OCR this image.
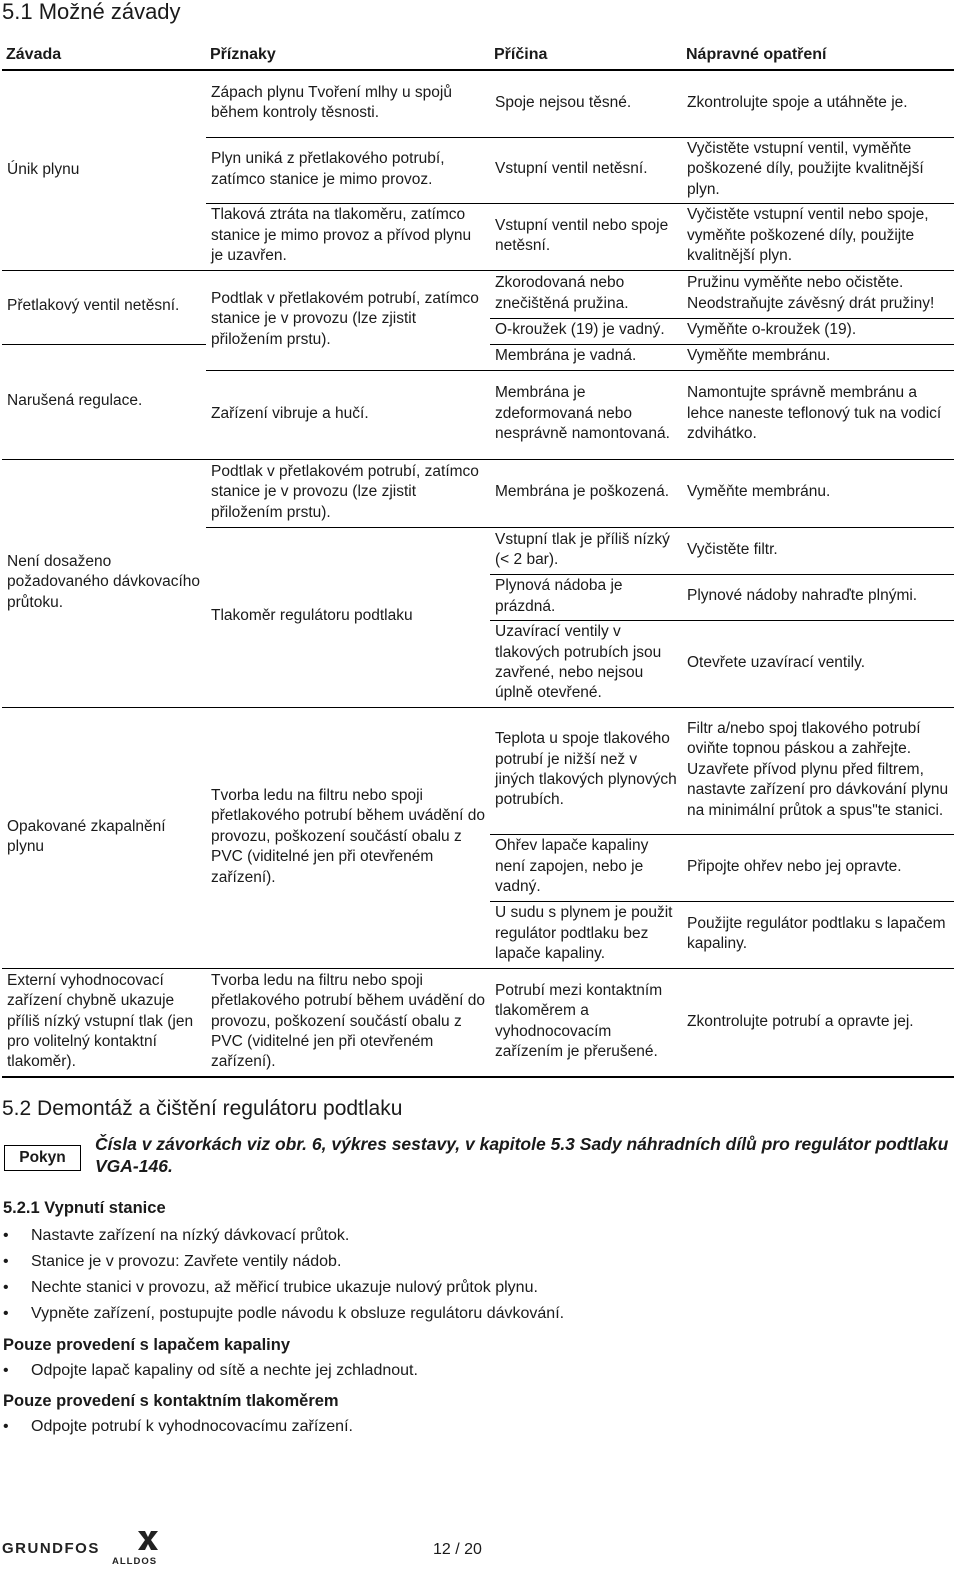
5.1 Možné závady
Závada	Příznaky	Příčina	Nápravné opatření
Únik plynu	Zápach plynu Tvoření mlhy u spojů během kontroly těsnosti.	Spoje nejsou těsné.	Zkontrolujte spoje a utáhněte je.
	Plyn uniká z přetlakového potrubí, zatímco stanice je mimo provoz.	Vstupní ventil netěsní.	Vyčistěte vstupní ventil, vyměňte poškozené díly, použijte kvalitnější plyn.
	Tlaková ztráta na tlakoměru, zatímco stanice je mimo provoz a přívod plynu je uzavřen.	Vstupní ventil nebo spoje netěsní.	Vyčistěte vstupní ventil nebo spoje, vyměňte poškozené díly, použijte kvalitnější plyn.
Přetlakový ventil netěsní.	Podtlak v přetlakovém potrubí, zatímco stanice je v provozu (lze zjistit přiložením prstu).	Zkorodovaná nebo znečištěná pružina.	Pružinu vyměňte nebo očistěte. Neodstraňujte závěsný drát pružiny!
		O-kroužek (19) je vadný.	Vyměňte o-kroužek (19).
Narušená regulace.		Membrána je vadná.	Vyměňte membránu.
	Zařízení vibruje a hučí.	Membrána je zdeformovaná nebo nesprávně namontovaná.	Namontujte správně membránu a lehce naneste teflonový tuk na vodicí zdvihátko.
Není dosaženo požadovaného dávkovacího průtoku.	Podtlak v přetlakovém potrubí, zatímco stanice je v provozu (lze zjistit přiložením prstu).	Membrána je poškozená.	Vyměňte membránu.
	Tlakoměr regulátoru podtlaku	Vstupní tlak je příliš nízký (< 2 bar).	Vyčistěte filtr.
		Plynová nádoba je prázdná.	Plynové nádoby nahraďte plnými.
		Uzavírací ventily v tlakových potrubích jsou zavřené, nebo nejsou úplně otevřené.	Otevřete uzavírací ventily.
Opakované zkapalnění plynu	Tvorba ledu na filtru nebo spoji přetlakového potrubí během uvádění do provozu, poškození součástí obalu z PVC (viditelné jen při otevřeném zařízení).	Teplota u spoje tlakového potrubí je nižší než v jiných tlakových plynových potrubích.	Filtr a/nebo spoj tlakového potrubí oviňte topnou páskou a zahřejte. Uzavřete přívod plynu před filtrem, nastavte zařízení pro dávkování plynu na minimální průtok a spusʺte stanici.
		Ohřev lapače kapaliny není zapojen, nebo je vadný.	Připojte ohřev nebo jej opravte.
		U sudu s plynem je použit regulátor podtlaku bez lapače kapaliny.	Použijte regulátor podtlaku s lapačem kapaliny.
Externí vyhodnocovací zařízení chybně ukazuje příliš nízký vstupní tlak (jen pro volitelný kontaktní tlakoměr).	Tvorba ledu na filtru nebo spoji přetlakového potrubí během uvádění do provozu, poškození součástí obalu z PVC (viditelné jen při otevřeném zařízení).	Potrubí mezi kontaktním tlakoměrem a vyhodnocovacím zařízením je přerušené.	Zkontrolujte potrubí a opravte jej.
5.2 Demontáž a čištění regulátoru podtlaku
Pokyn
Čísla v závorkách viz obr. 6, výkres sestavy, v kapitole 5.3 Sady náhradních dílů pro regulátor podtlaku VGA-146.
5.2.1 Vypnutí stanice
• Nastavte zařízení na nízký dávkovací průtok.
• Stanice je v provozu: Zavřete ventily nádob.
• Nechte stanici v provozu, až měřicí trubice ukazuje nulový průtok plynu.
• Vypněte zařízení, postupujte podle návodu k obsluze regulátoru dávkování.
Pouze provedení s lapačem kapaliny
• Odpojte lapač kapaliny od sítě a nechte jej zchladnout.
Pouze provedení s kontaktním tlakoměrem
• Odpojte potrubí k vyhodnocovacímu zařízení.
GRUNDFOS
ALLDOS
12 / 20
